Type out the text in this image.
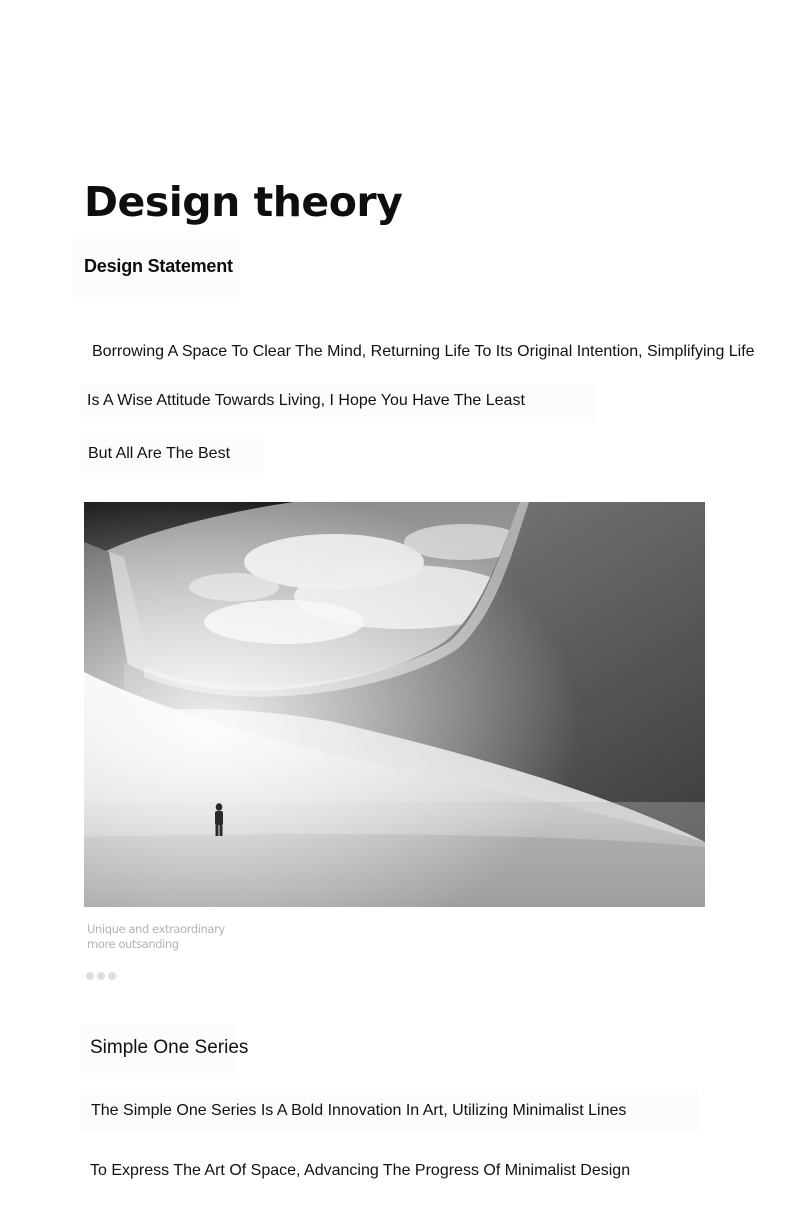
Design theory
Design Statement
Borrowing A Space To Clear The Mind, Returning Life To Its Original Intention, Simplifying Life
Is A Wise Attitude Towards Living, I Hope You Have The Least
But All Are The Best
Unique and extraordinary
more outsanding
Simple One Series
The Simple One Series Is A Bold Innovation In Art, Utilizing Minimalist Lines
To Express The Art Of Space, Advancing The Progress Of Minimalist Design
